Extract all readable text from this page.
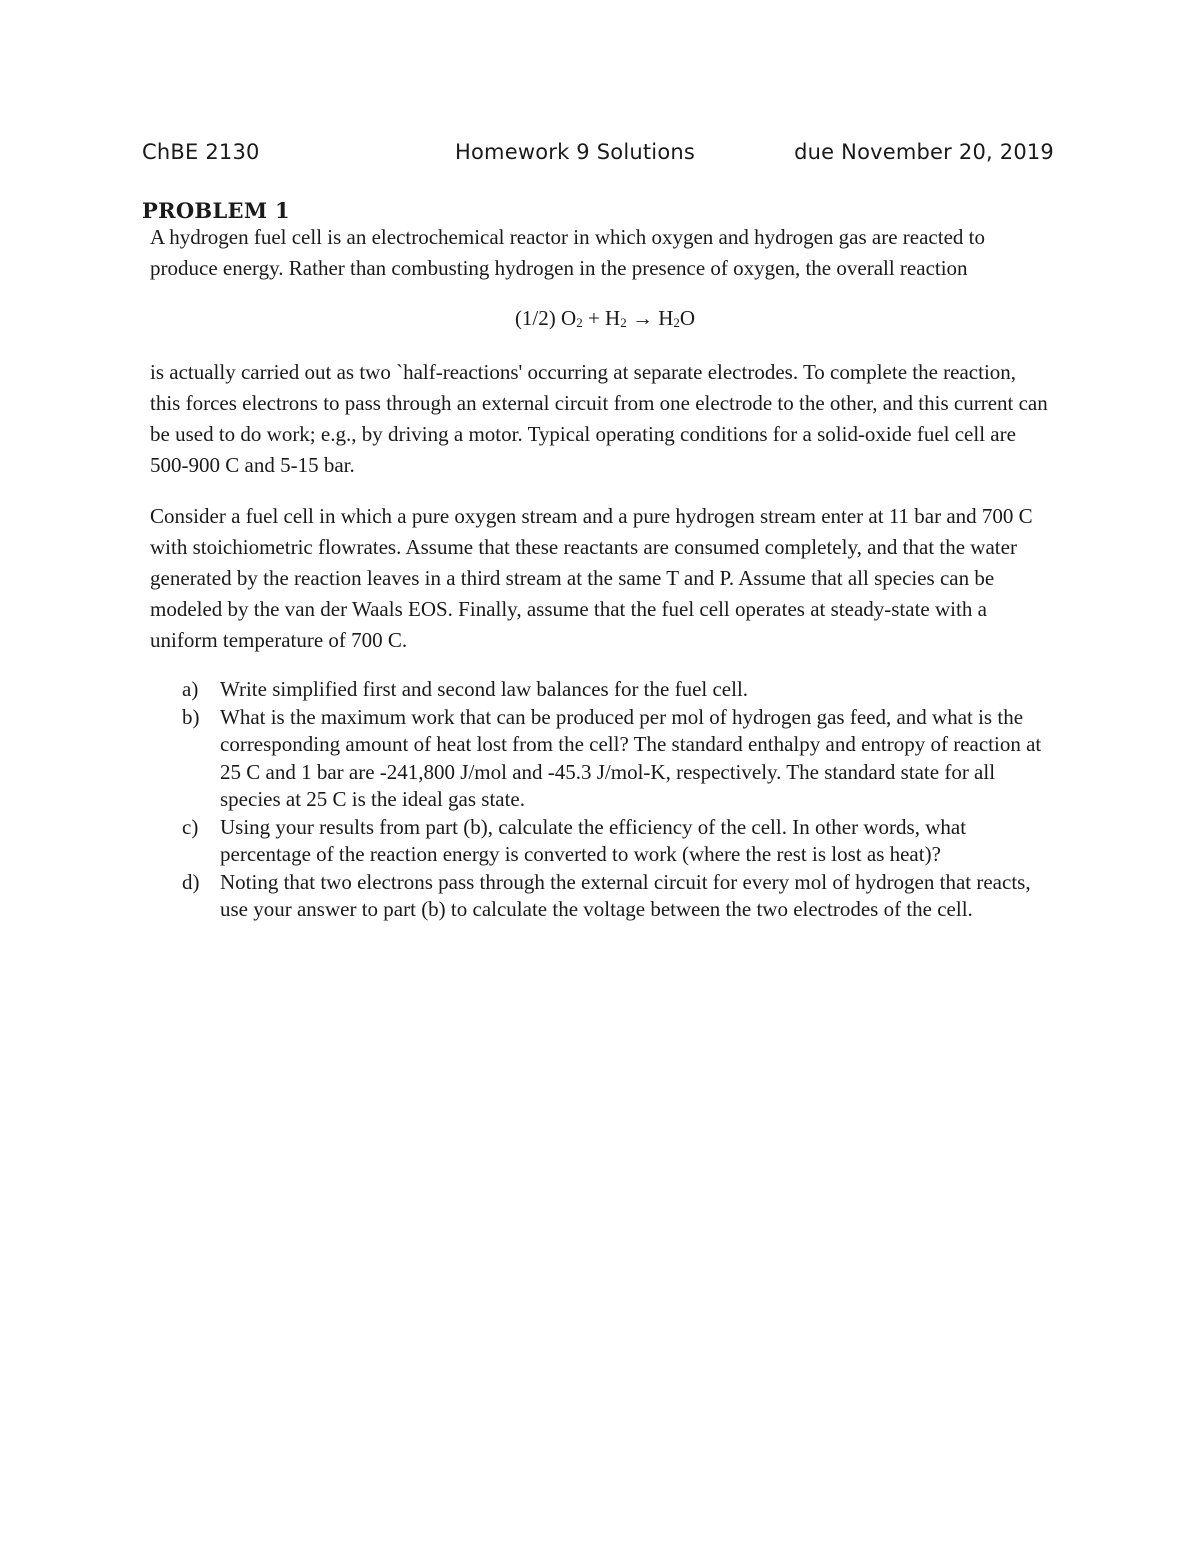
ChBE 2130	Homework 9 Solutions	due November 20, 2019
PROBLEM 1

A hydrogen fuel cell is an electrochemical reactor in which oxygen and hydrogen gas are reacted to produce energy. Rather than combusting hydrogen in the presence of oxygen, the overall reaction

(1/2) $O_2 + H_2 \to H_2O$

is actually carried out as two `half-reactions' occurring at separate electrodes. To complete the reaction, this forces electrons to pass through an external circuit from one electrode to the other, and this current can be used to do work; e.g., by driving a motor. Typical operating conditions for a solid-oxide fuel cell are 500-900 C and 5-15 bar.

Consider a fuel cell in which a pure oxygen stream and a pure hydrogen stream enter at 11 bar and 700 C with stoichiometric flowrates. Assume that these reactants are consumed completely, and that the water generated by the reaction leaves in a third stream at the same T and P. Assume that all species can be modeled by the van der Waals EOS. Finally, assume that the fuel cell operates at steady-state with a uniform temperature of 700 C.

a) Write simplified first and second law balances for the fuel cell.
b) What is the maximum work that can be produced per mol of hydrogen gas feed, and what is the corresponding amount of heat lost from the cell? The standard enthalpy and entropy of reaction at 25 C and 1 bar are -241,800 J/mol and -45.3 J/mol-K, respectively. The standard state for all species at 25 C is the ideal gas state.
c) Using your results from part (b), calculate the efficiency of the cell. In other words, what percentage of the reaction energy is converted to work (where the rest is lost as heat)?
d) Noting that two electrons pass through the external circuit for every mol of hydrogen that reacts, use your answer to part (b) to calculate the voltage between the two electrodes of the cell.
